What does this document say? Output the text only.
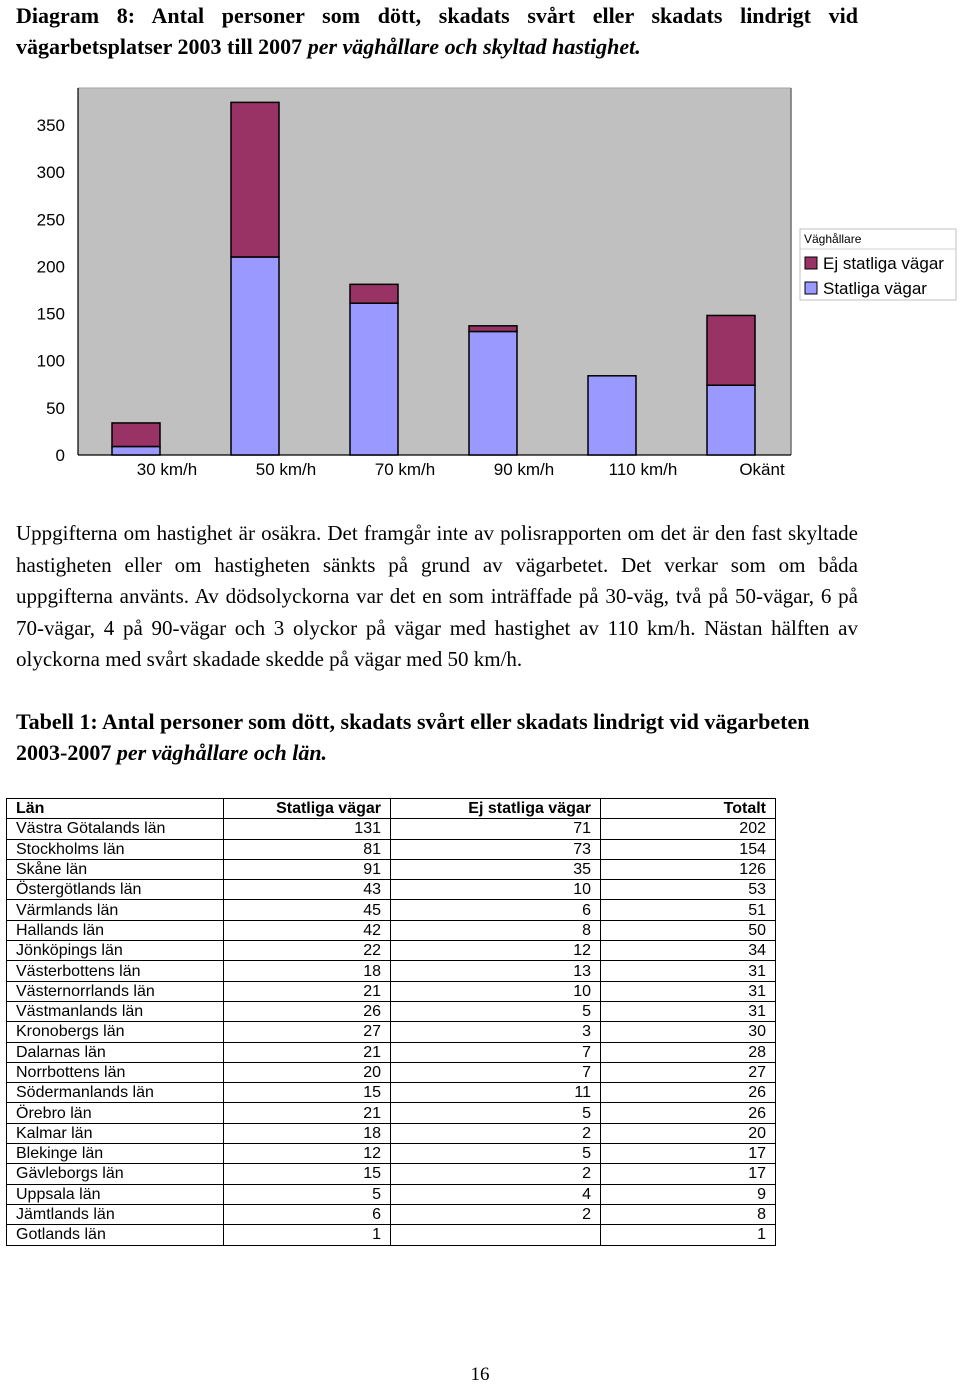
Diagram 8: Antal personer som dött, skadats svårt eller skadats lindrigt vid vägarbetsplatser 2003 till 2007 per väghållare och skyltad hastighet.
0
50
100
150
200
250
300
350
30 km/h	50 km/h	70 km/h	90 km/h	110 km/h	Okänt
Väghållare
Ej statliga vägar
Statliga vägar
Uppgifterna om hastighet är osäkra. Det framgår inte av polisrapporten om det är den fast skyltade hastigheten eller om hastigheten sänkts på grund av vägarbetet. Det verkar som om båda uppgifterna använts. Av dödsolyckorna var det en som inträffade på 30-väg, två på 50-vägar, 6 på 70-vägar, 4 på 90-vägar och 3 olyckor på vägar med hastighet av 110 km/h. Nästan hälften av olyckorna med svårt skadade skedde på vägar med 50 km/h.
Tabell 1: Antal personer som dött, skadats svårt eller skadats lindrigt vid vägarbeten 2003-2007 per väghållare och län.
Län	Statliga vägar	Ej statliga vägar	Totalt
Västra Götalands län	131	71	202
Stockholms län	81	73	154
Skåne län	91	35	126
Östergötlands län	43	10	53
Värmlands län	45	6	51
Hallands län	42	8	50
Jönköpings län	22	12	34
Västerbottens län	18	13	31
Västernorrlands län	21	10	31
Västmanlands län	26	5	31
Kronobergs län	27	3	30
Dalarnas län	21	7	28
Norrbottens län	20	7	27
Södermanlands län	15	11	26
Örebro län	21	5	26
Kalmar län	18	2	20
Blekinge län	12	5	17
Gävleborgs län	15	2	17
Uppsala län	5	4	9
Jämtlands län	6	2	8
Gotlands län	1		1
16
